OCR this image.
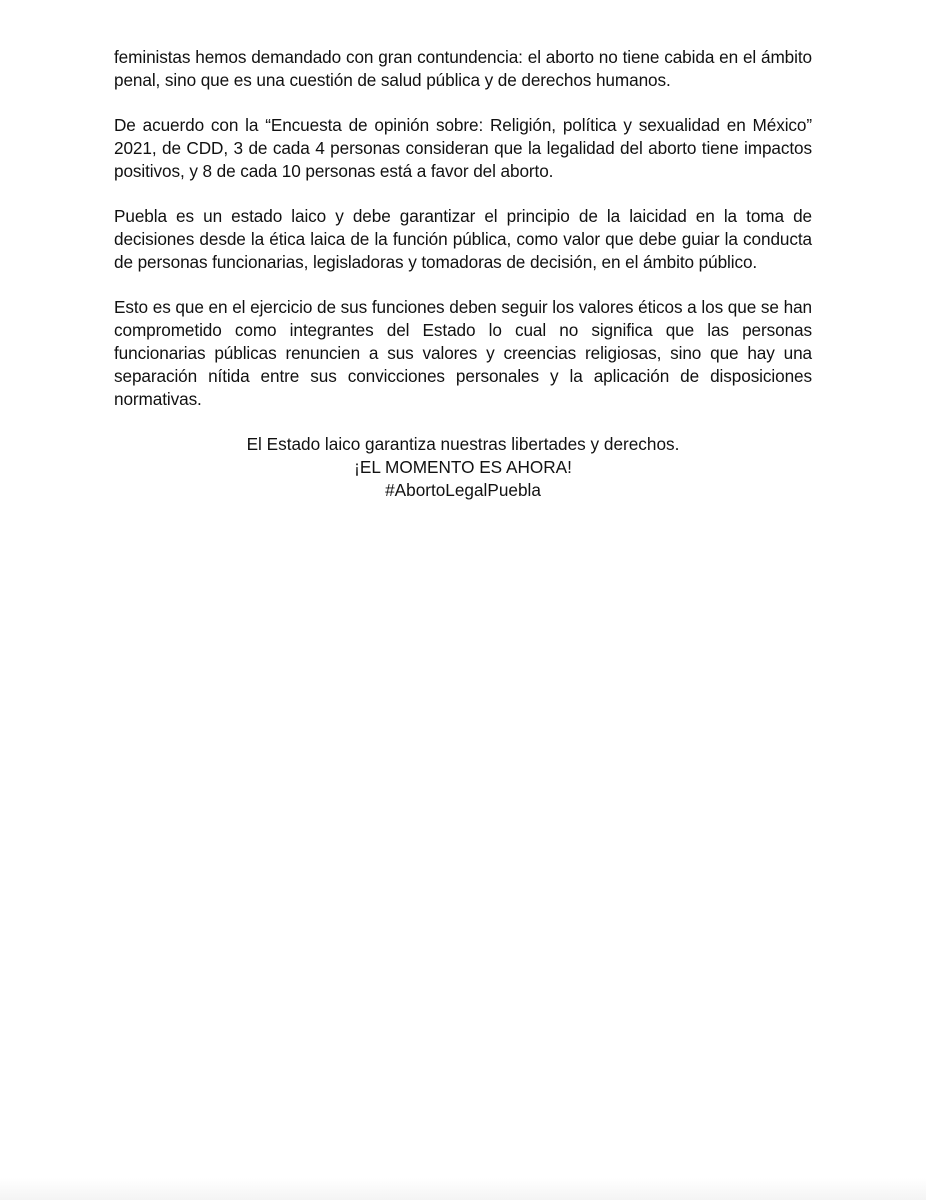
feministas hemos demandado con gran contundencia: el aborto no tiene cabida en el ámbito penal, sino que es una cuestión de salud pública y de derechos humanos.

De acuerdo con la “Encuesta de opinión sobre: Religión, política y sexualidad en México” 2021, de CDD, 3 de cada 4 personas consideran que la legalidad del aborto tiene impactos positivos, y 8 de cada 10 personas está a favor del aborto.

Puebla es un estado laico y debe garantizar el principio de la laicidad en la toma de decisiones desde la ética laica de la función pública, como valor que debe guiar la conducta de personas funcionarias, legisladoras y tomadoras de decisión, en el ámbito público.

Esto es que en el ejercicio de sus funciones deben seguir los valores éticos a los que se han comprometido como integrantes del Estado lo cual no significa que las personas funcionarias públicas renuncien a sus valores y creencias religiosas, sino que hay una separación nítida entre sus convicciones personales y la aplicación de disposiciones normativas.

El Estado laico garantiza nuestras libertades y derechos.
¡EL MOMENTO ES AHORA!
#AbortoLegalPuebla
